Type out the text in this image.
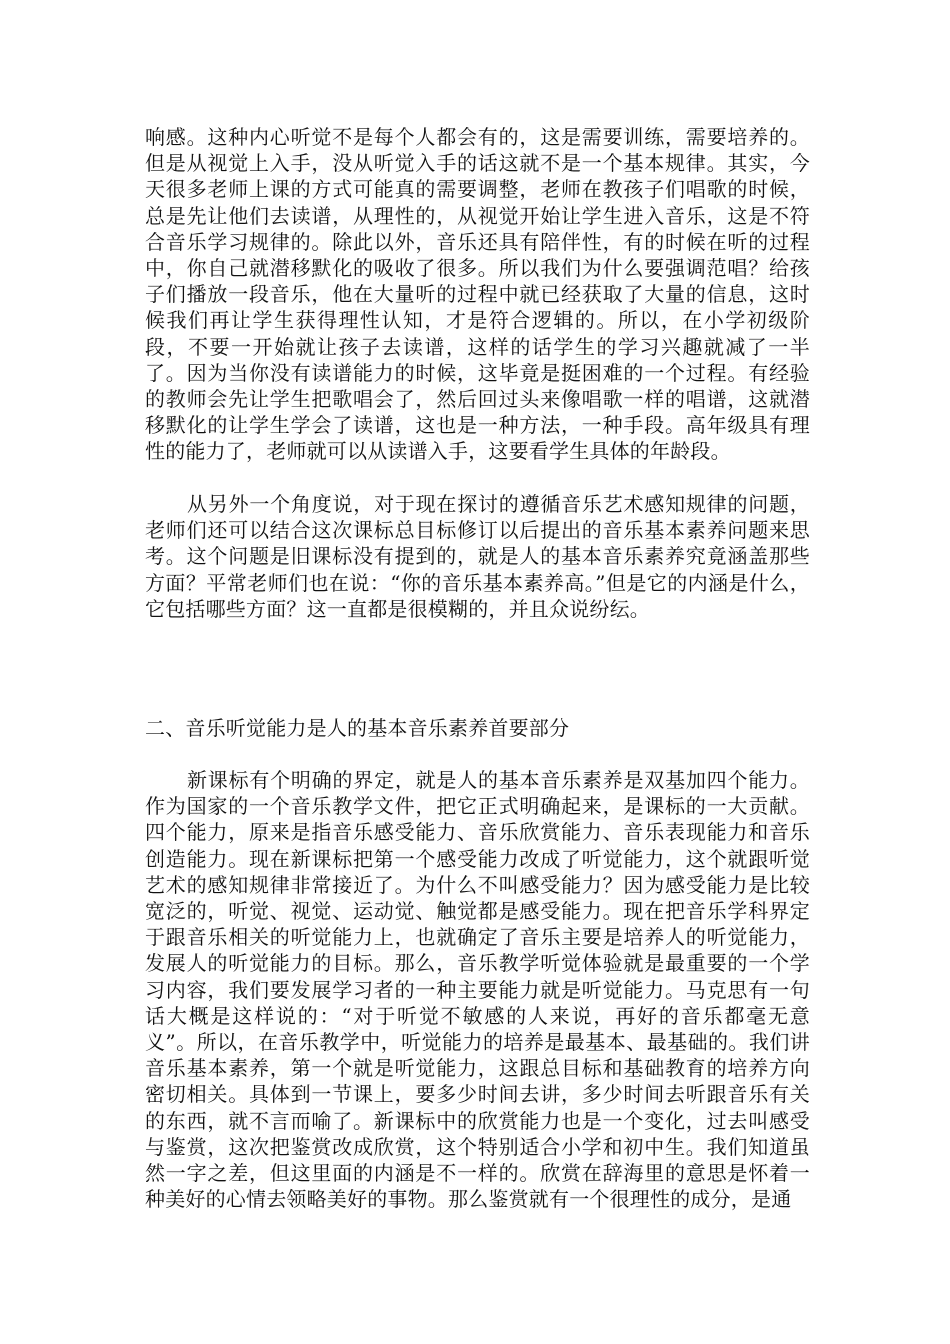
响感。这种内心听觉不是每个人都会有的，这是需要训练，需要培养的。但是从视觉上入手，没从听觉入手的话这就不是一个基本规律。其实，今天很多老师上课的方式可能真的需要调整，老师在教孩子们唱歌的时候，总是先让他们去读谱，从理性的，从视觉开始让学生进入音乐，这是不符合音乐学习规律的。除此以外，音乐还具有陪伴性，有的时候在听的过程中，你自己就潜移默化的吸收了很多。所以我们为什么要强调范唱？给孩子们播放一段音乐，他在大量听的过程中就已经获取了大量的信息，这时候我们再让学生获得理性认知，才是符合逻辑的。所以，在小学初级阶段，不要一开始就让孩子去读谱，这样的话学生的学习兴趣就减了一半了。因为当你没有读谱能力的时候，这毕竟是挺困难的一个过程。有经验的教师会先让学生把歌唱会了，然后回过头来像唱歌一样的唱谱，这就潜移默化的让学生学会了读谱，这也是一种方法，一种手段。高年级具有理性的能力了，老师就可以从读谱入手，这要看学生具体的年龄段。
从另外一个角度说，对于现在探讨的遵循音乐艺术感知规律的问题，老师们还可以结合这次课标总目标修订以后提出的音乐基本素养问题来思考。这个问题是旧课标没有提到的，就是人的基本音乐素养究竟涵盖那些方面？平常老师们也在说：“你的音乐基本素养高。”但是它的内涵是什么，它包括哪些方面？这一直都是很模糊的，并且众说纷纭。
二、音乐听觉能力是人的基本音乐素养首要部分
新课标有个明确的界定，就是人的基本音乐素养是双基加四个能力。作为国家的一个音乐教学文件，把它正式明确起来，是课标的一大贡献。四个能力，原来是指音乐感受能力、音乐欣赏能力、音乐表现能力和音乐创造能力。现在新课标把第一个感受能力改成了听觉能力，这个就跟听觉艺术的感知规律非常接近了。为什么不叫感受能力？因为感受能力是比较宽泛的，听觉、视觉、运动觉、触觉都是感受能力。现在把音乐学科界定于跟音乐相关的听觉能力上，也就确定了音乐主要是培养人的听觉能力，发展人的听觉能力的目标。那么，音乐教学听觉体验就是最重要的一个学习内容，我们要发展学习者的一种主要能力就是听觉能力。马克思有一句话大概是这样说的：“对于听觉不敏感的人来说，再好的音乐都毫无意义”。所以，在音乐教学中，听觉能力的培养是最基本、最基础的。我们讲音乐基本素养，第一个就是听觉能力，这跟总目标和基础教育的培养方向密切相关。具体到一节课上，要多少时间去讲，多少时间去听跟音乐有关的东西，就不言而喻了。新课标中的欣赏能力也是一个变化，过去叫感受与鉴赏，这次把鉴赏改成欣赏，这个特别适合小学和初中生。我们知道虽然一字之差，但这里面的内涵是不一样的。欣赏在辞海里的意思是怀着一种美好的心情去领略美好的事物。那么鉴赏就有一个很理性的成分，是通
